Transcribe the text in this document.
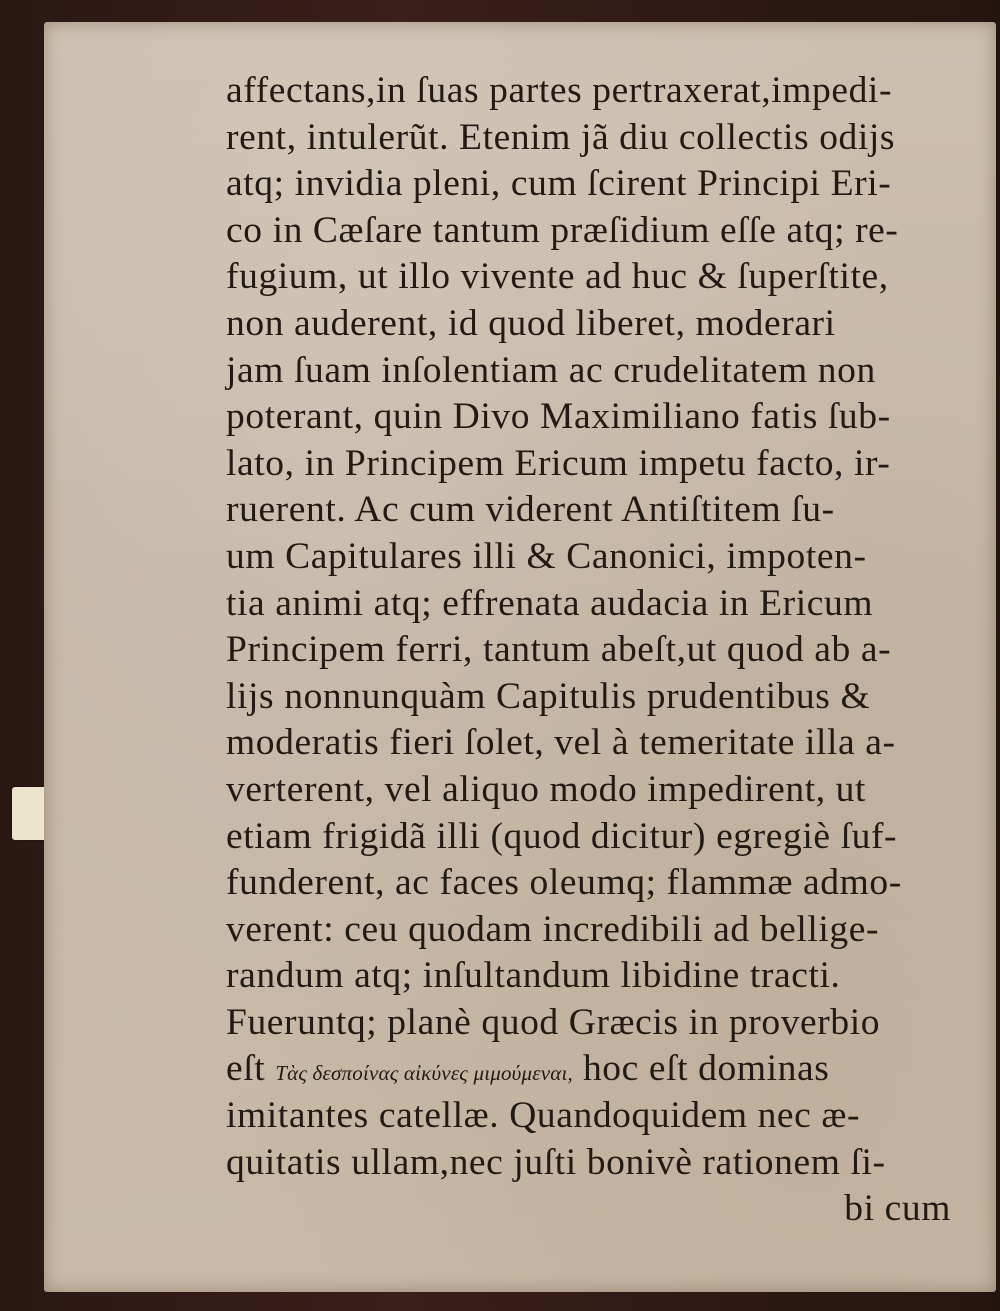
affectans,in ſuas partes pertraxerat,impedi-
rent, intulerũt. Etenim jã diu collectis odijs
atq; invidia pleni, cum ſcirent Principi Eri-
co in Cæſare tantum præſidium eſſe atq; re-
fugium, ut illo vivente ad huc & ſuperſtite,
non auderent, id quod liberet, moderari
jam ſuam inſolentiam ac crudelitatem non
poterant, quin Divo Maximiliano fatis ſub-
lato, in Principem Ericum impetu facto, ir-
ruerent. Ac cum viderent Antiſtitem ſu-
um Capitulares illi & Canonici, impoten-
tia animi atq; effrenata audacia in Ericum
Principem ferri, tantum abeſt,ut quod ab a-
lijs nonnunquàm Capitulis prudentibus &
moderatis fieri ſolet, vel à temeritate illa a-
verterent, vel aliquo modo impedirent, ut
etiam frigidã illi (quod dicitur) egregiè ſuf-
funderent, ac faces oleumq; flammæ admo-
verent: ceu quodam incredibili ad bellige-
randum atq; inſultandum libidine tracti.
Fueruntq; planè quod Græcis in proverbio
eſt Τὰς δεσποίνας αἰκύνες μιμούμεναι, hoc eſt dominas
imitantes catellæ. Quandoquidem nec æ-
quitatis ullam,nec juſti bonivè rationem ſi-
bi cum
